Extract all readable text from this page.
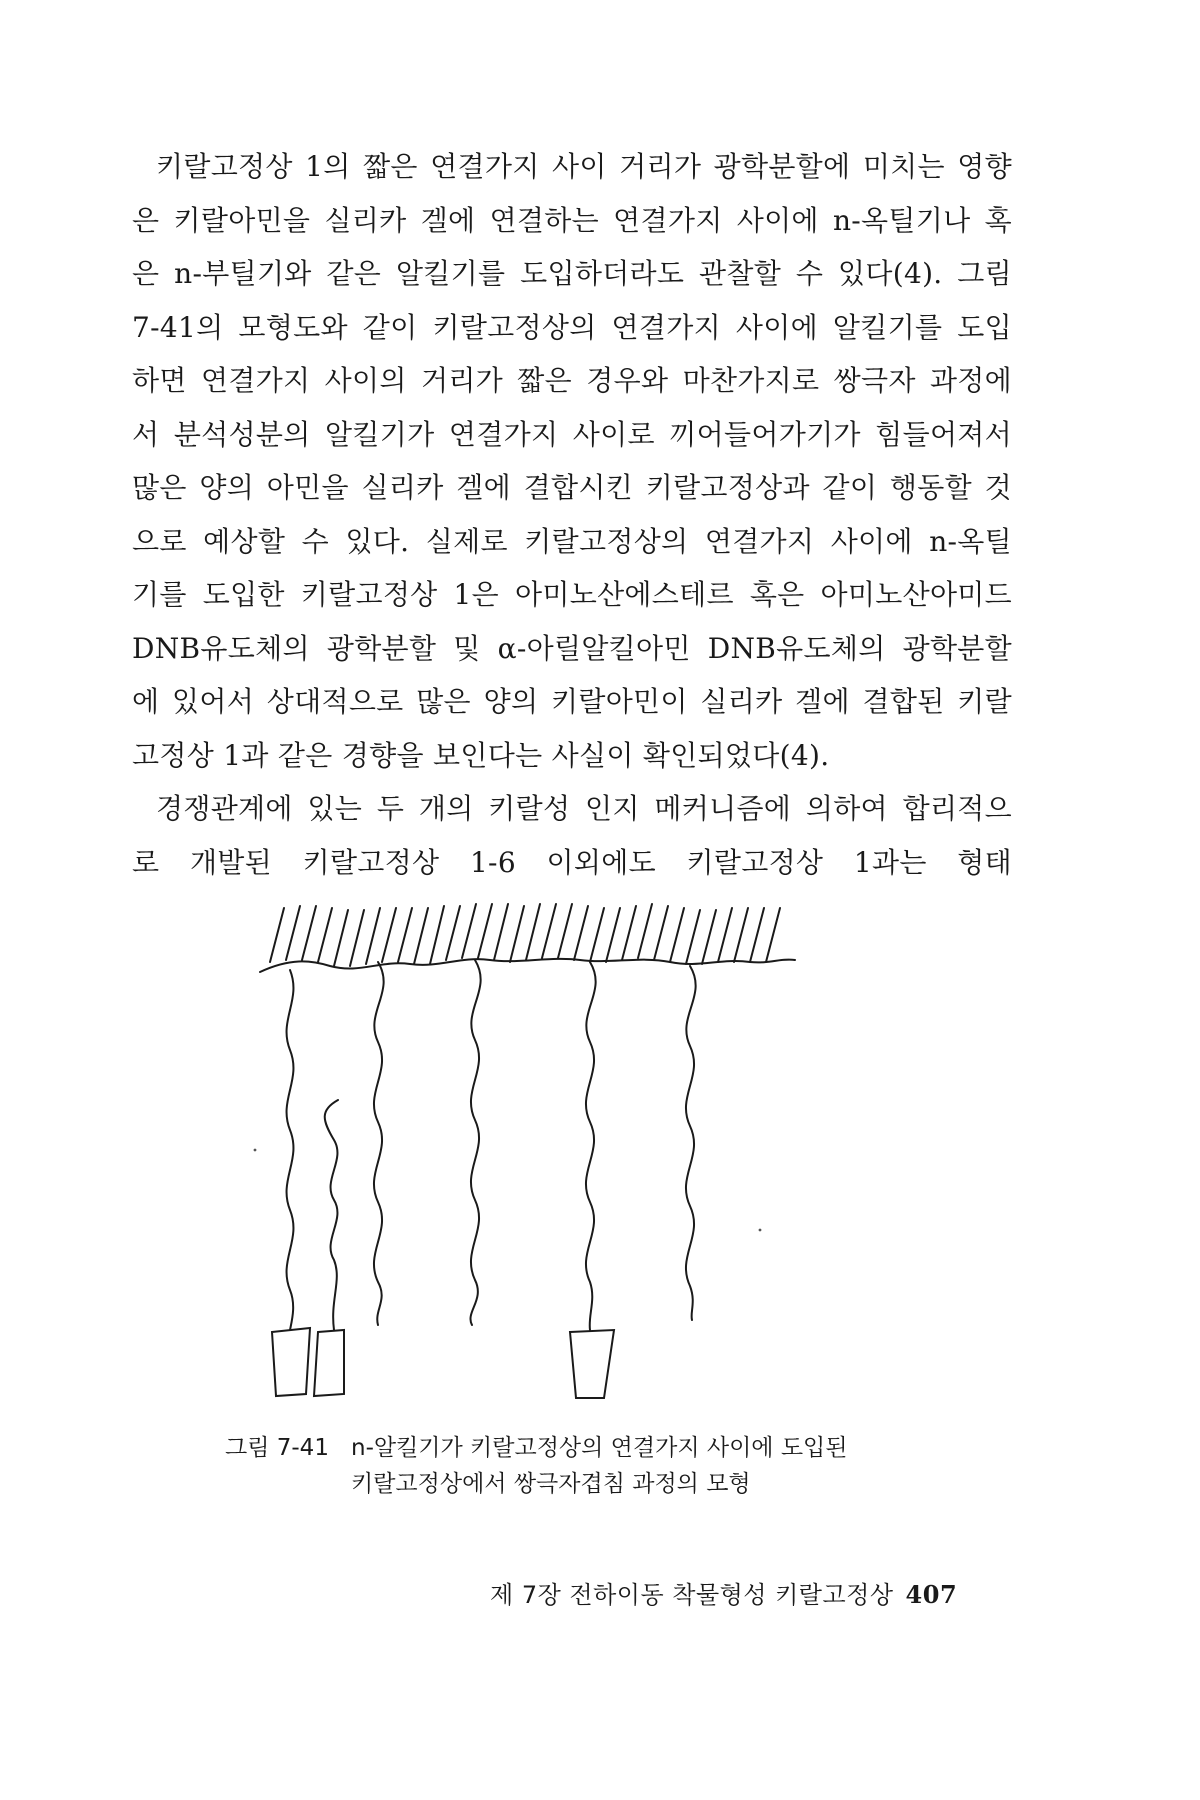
키랄고정상 1의 짧은 연결가지 사이 거리가 광학분할에 미치는 영향
은 키랄아민을 실리카 겔에 연결하는 연결가지 사이에 n-옥틸기나 혹
은 n-부틸기와 같은 알킬기를 도입하더라도 관찰할 수 있다(4). 그림
7-41의 모형도와 같이 키랄고정상의 연결가지 사이에 알킬기를 도입
하면 연결가지 사이의 거리가 짧은 경우와 마찬가지로 쌍극자 과정에
서 분석성분의 알킬기가 연결가지 사이로 끼어들어가기가 힘들어져서
많은 양의 아민을 실리카 겔에 결합시킨 키랄고정상과 같이 행동할 것
으로 예상할 수 있다. 실제로 키랄고정상의 연결가지 사이에 n-옥틸
기를 도입한 키랄고정상 1은 아미노산에스테르 혹은 아미노산아미드
DNB유도체의 광학분할 및 α-아릴알킬아민 DNB유도체의 광학분할
에 있어서 상대적으로 많은 양의 키랄아민이 실리카 겔에 결합된 키랄
고정상 1과 같은 경향을 보인다는 사실이 확인되었다(4).
경쟁관계에 있는 두 개의 키랄성 인지 메커니즘에 의하여 합리적으
로 개발된 키랄고정상 1-6 이외에도 키랄고정상 1과는 형태
그림 7-41 n-알킬기가 키랄고정상의 연결가지 사이에 도입된
키랄고정상에서 쌍극자겹침 과정의 모형
제 7장 전하이동 착물형성 키랄고정상 407
